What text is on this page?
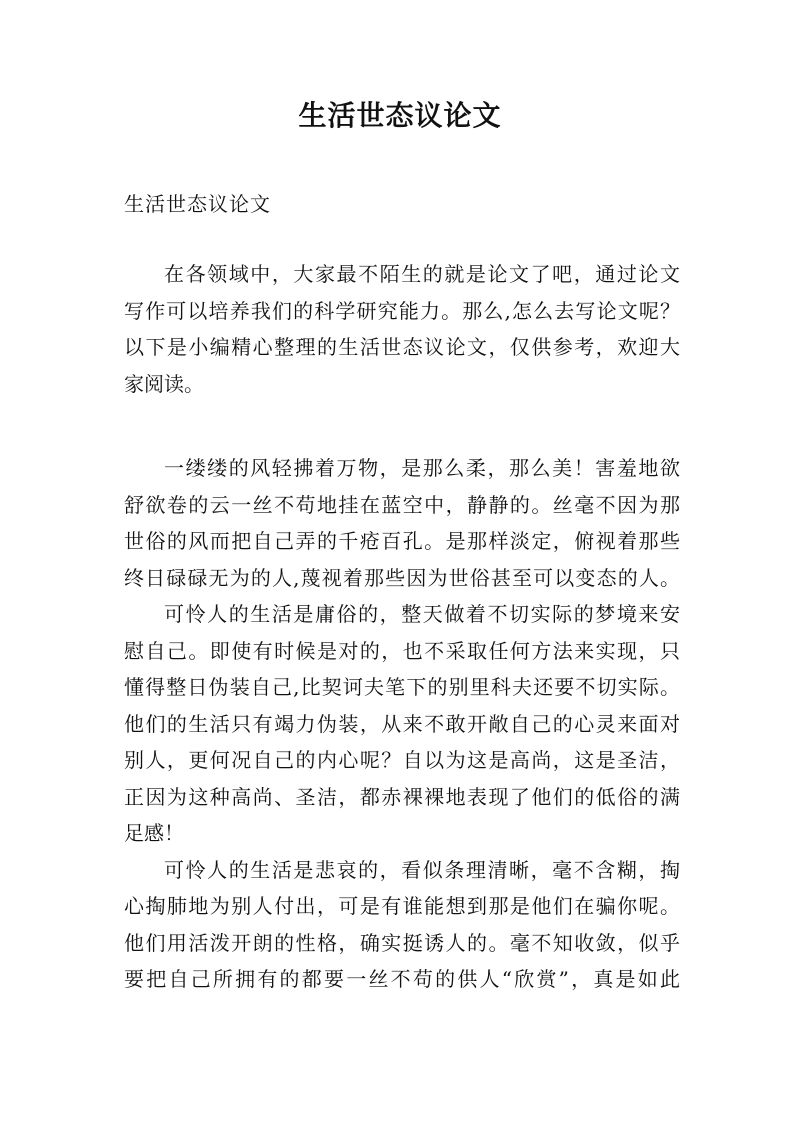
生活世态议论文
生活世态议论文
在各领域中，大家最不陌生的就是论文了吧，通过论文
写作可以培养我们的科学研究能力。那么,怎么去写论文呢？
以下是小编精心整理的生活世态议论文，仅供参考，欢迎大
家阅读。
一缕缕的风轻拂着万物，是那么柔，那么美！害羞地欲
舒欲卷的云一丝不苟地挂在蓝空中，静静的。丝毫不因为那
世俗的风而把自己弄的千疮百孔。是那样淡定，俯视着那些
终日碌碌无为的人,蔑视着那些因为世俗甚至可以变态的人。
可怜人的生活是庸俗的，整天做着不切实际的梦境来安
慰自己。即使有时候是对的，也不采取任何方法来实现，只
懂得整日伪装自己,比契诃夫笔下的别里科夫还要不切实际。
他们的生活只有竭力伪装，从来不敢开敞自己的心灵来面对
别人，更何况自己的内心呢？自以为这是高尚，这是圣洁，
正因为这种高尚、圣洁，都赤裸裸地表现了他们的低俗的满
足感！
可怜人的生活是悲哀的，看似条理清晰，毫不含糊，掏
心掏肺地为别人付出，可是有谁能想到那是他们在骗你呢。
他们用活泼开朗的性格，确实挺诱人的。毫不知收敛，似乎
要把自己所拥有的都要一丝不苟的供人“欣赏”，真是如此
